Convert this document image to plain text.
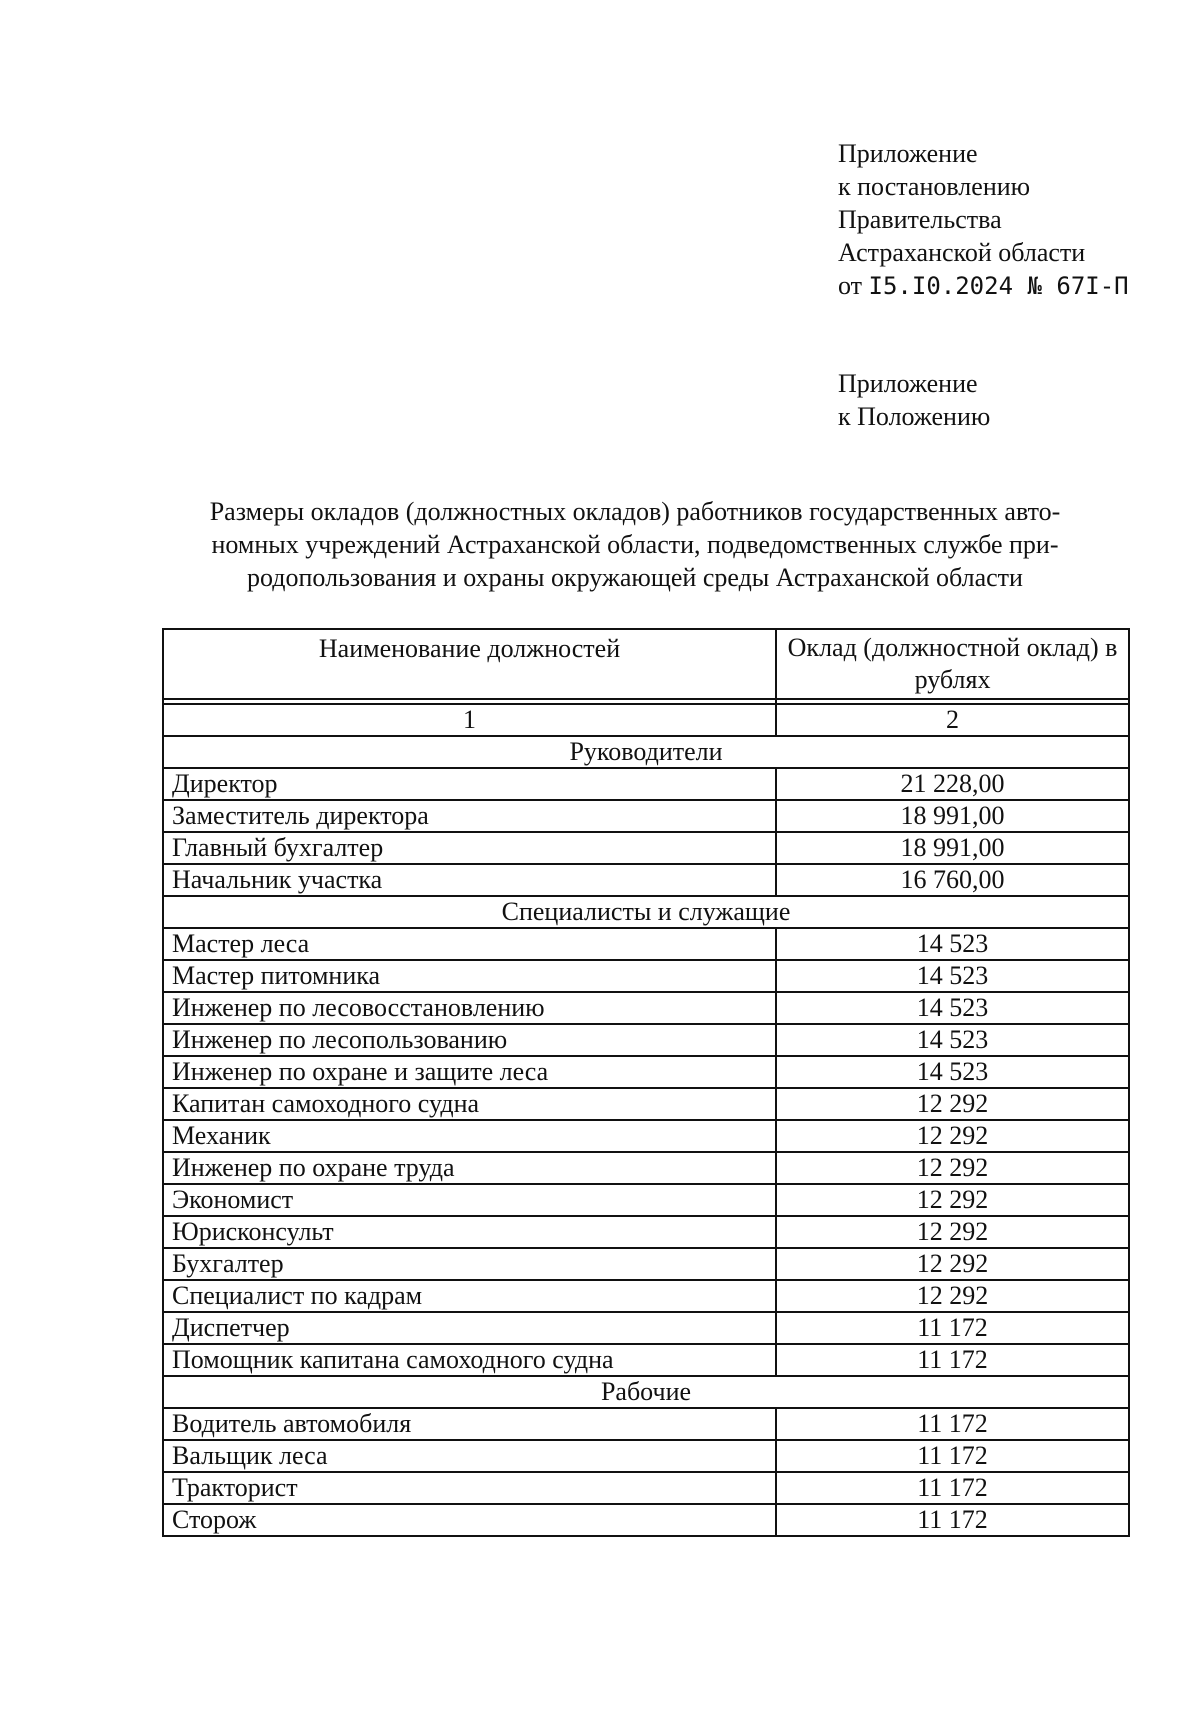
Приложение
к постановлению
Правительства
Астраханской области
от I5.I0.2024 № 67I-П
Приложение
к Положению
Размеры окладов (должностных окладов) работников государственных авто-
номных учреждений Астраханской области, подведомственных службе при-
родопользования и охраны окружающей среды Астраханской области
Наименование должностей	Оклад (должностной оклад) в рублях

1	2
Руководители	
Директор	21 228,00
Заместитель директора	18 991,00
Главный бухгалтер	18 991,00
Начальник участка	16 760,00
Специалисты и служащие	
Мастер леса	14 523
Мастер питомника	14 523
Инженер по лесовосстановлению	14 523
Инженер по лесопользованию	14 523
Инженер по охране и защите леса	14 523
Капитан самоходного судна	12 292
Механик	12 292
Инженер по охране труда	12 292
Экономист	12 292
Юрисконсульт	12 292
Бухгалтер	12 292
Специалист по кадрам	12 292
Диспетчер	11 172
Помощник капитана самоходного судна	11 172
Рабочие	
Водитель автомобиля	11 172
Вальщик леса	11 172
Тракторист	11 172
Сторож	11 172
